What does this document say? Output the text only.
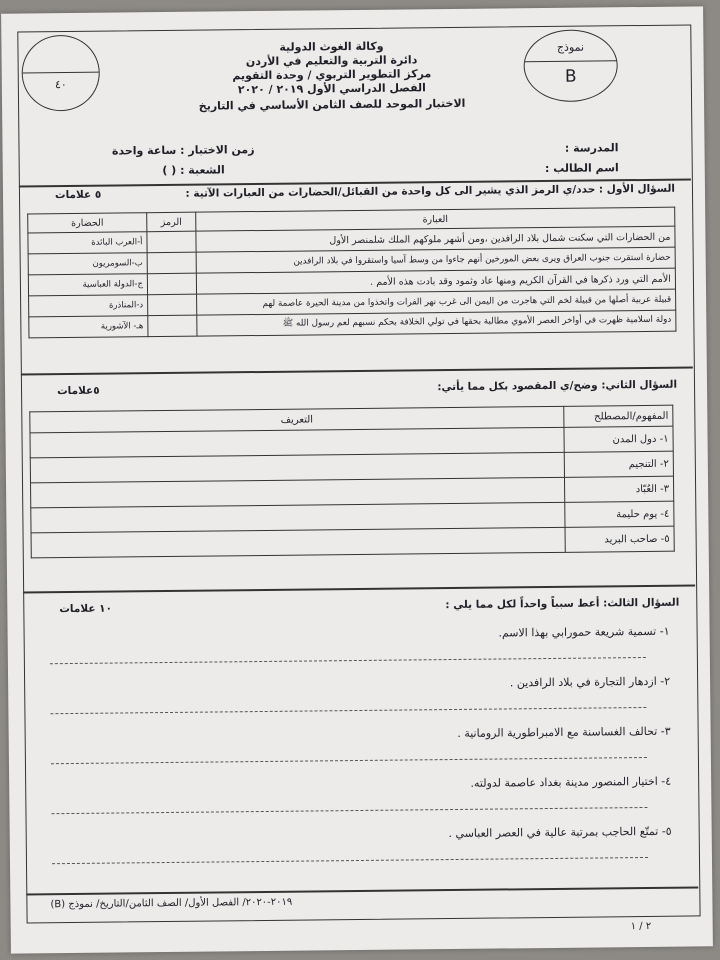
٤٠
نموذج
B
وكالة الغوث الدولية
دائرة التربية والتعليم في الأردن
مركز التطوير التربوي / وحدة التقويم
الفصل الدراسي الأول ٢٠١٩ / ٢٠٢٠
الاختبار الموحد للصف الثامن الأساسي في التاريخ
المدرسة :
اسم الطالب :
زمن الاختبار : ساعة واحدة
الشعبة : ( )
السؤال الأول : حدد/ي الرمز الذي يشير الى كل واحدة من القبائل/الحضارات من العبارات الآتية :
٥ علامات
العبارة	الرمز	الحضارة
من الحضارات التي سكنت شمال بلاد الرافدين ،ومن أشهر ملوكهم الملك شلمنصر الأول		أ-العرب البائدة
حضارة استقرت جنوب العراق ويرى بعض المورخين أنهم جاءوا من وسط آسيا واستقروا في بلاد الرافدين		ب-السومريون
الأمم التي ورد ذكرها في القرآن الكريم ومنها عاد وثمود وقد بادت هذه الأمم .		ج-الدولة العباسية
قبيلة عربية أصلها من قبيلة لخم التي هاجرت من اليمن الى غرب نهر الفرات واتخذوا من مدينة الحيرة عاصمة لهم		د-المناذرة
دولة اسلامية ظهرت في أواخر العصر الأموي مطالبة بحقها في تولي الخلافة بحكم نسبهم لعم رسول الله ﷺ		هـ- الآشورية
السؤال الثاني: وضح/ي المقصود بكل مما يأتي:
٥علامات
المفهوم/المصطلح	التعريف
١- دول المدن	
٢- التنجيم	
٣- العُبّاد	
٤- يوم حليمة	
٥- صاحب البريد	
السؤال الثالث: أعط سبباً واحداً لكل مما يلي :
١٠ علامات
١- تسمية شريعة حمورابي بهذا الاسم.
٢- ازدهار التجارة في بلاد الرافدين .
٣- تحالف الغساسنة مع الامبراطورية الرومانية .
٤- اختيار المنصور مدينة بغداد عاصمة لدولته.
٥- تمتّع الحاجب بمرتبة عالية في العصر العباسي .
٢٠١٩-٢٠٢٠/ الفصل الأول/ الصف الثامن/التاريخ/ نموذج (B)
٢ / ١
